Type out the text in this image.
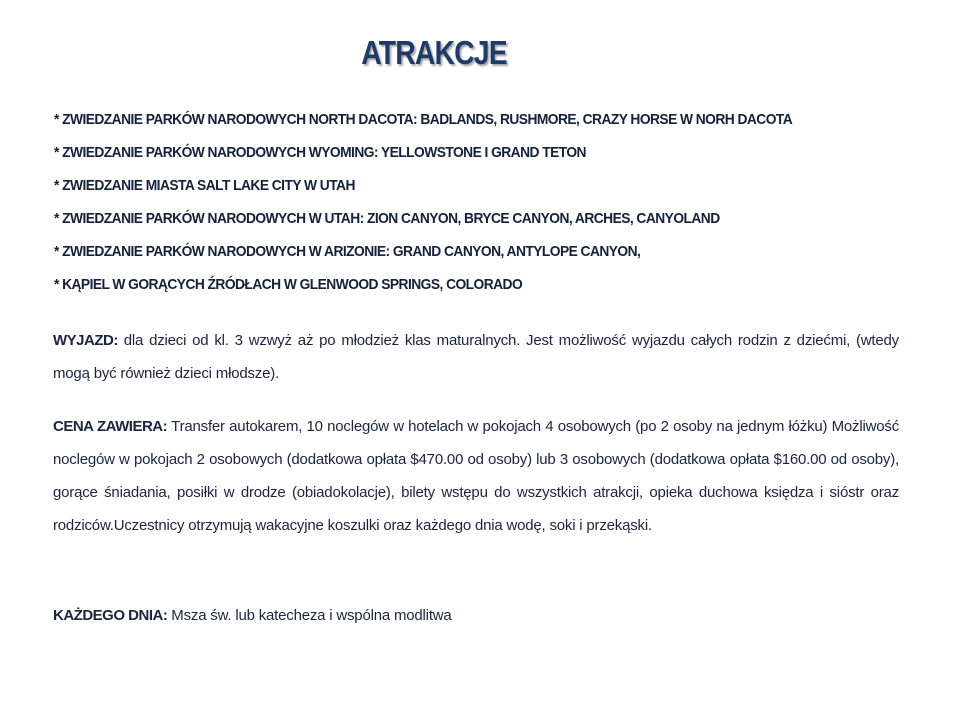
ATRAKCJE
* ZWIEDZANIE PARKÓW NARODOWYCH NORTH DACOTA: BADLANDS, RUSHMORE, CRAZY HORSE W NORH DACOTA
* ZWIEDZANIE PARKÓW NARODOWYCH WYOMING: YELLOWSTONE I GRAND TETON
* ZWIEDZANIE MIASTA SALT LAKE CITY W UTAH
* ZWIEDZANIE PARKÓW NARODOWYCH W UTAH: ZION CANYON, BRYCE CANYON, ARCHES, CANYOLAND
* ZWIEDZANIE PARKÓW NARODOWYCH W ARIZONIE: GRAND CANYON, ANTYLOPE CANYON,
* KĄPIEL W GORĄCYCH ŹRÓDŁACH W GLENWOOD SPRINGS, COLORADO
WYJAZD: dla dzieci od kl. 3 wzwyż aż po młodzież klas maturalnych. Jest możliwość wyjazdu całych rodzin z dziećmi, (wtedy mogą być również dzieci młodsze).
CENA ZAWIERA: Transfer autokarem, 10 noclegów w hotelach w pokojach 4 osobowych (po 2 osoby na jednym łóżku) Możliwość noclegów w pokojach 2 osobowych (dodatkowa opłata $470.00 od osoby) lub 3 osobowych (dodatkowa opłata $160.00 od osoby), gorące śniadania, posiłki w drodze (obiadokolacje), bilety wstępu do wszystkich atrakcji, opieka duchowa księdza i sióstr oraz rodziców.Uczestnicy otrzymują wakacyjne koszulki oraz każdego dnia wodę, soki i przekąski.
KAŻDEGO DNIA: Msza św. lub katecheza i wspólna modlitwa
